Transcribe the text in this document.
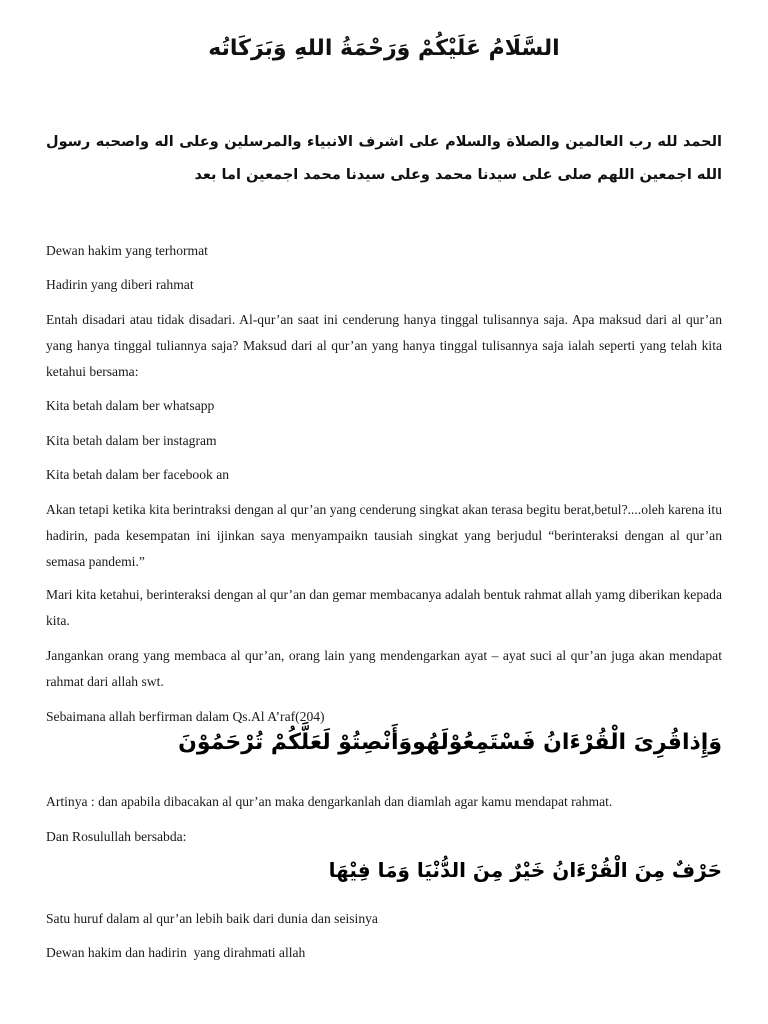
السَّلَامُ عَلَيْكُمْ وَرَحْمَةُ اللهِ وَبَرَكَاتُه
الحمد لله رب العالمين والصلاة والسلام على اشرف الانبياء والمرسلين وعلى اله واصحبه رسول الله اجمعين اللهم صلى على سيدنا محمد وعلى سيدنا محمد اجمعين اما بعد

Dewan hakim yang terhormat

Hadirin yang diberi rahmat

Entah disadari atau tidak disadari. Al-qur’an saat ini cenderung hanya tinggal tulisannya saja. Apa maksud dari al qur’an yang hanya tinggal tuliannya saja? Maksud dari al qur’an yang hanya tinggal tulisannya saja ialah seperti yang telah kita ketahui bersama:

Kita betah dalam ber whatsapp

Kita betah dalam ber instagram

Kita betah dalam ber facebook an

Akan tetapi ketika kita berintraksi dengan al qur’an yang cenderung singkat akan terasa begitu berat,betul?....oleh karena itu hadirin, pada kesempatan ini ijinkan saya menyampaikn tausiah singkat yang berjudul “berinteraksi dengan al qur’an semasa pandemi.”

Mari kita ketahui, berinteraksi dengan al qur’an dan gemar membacanya adalah bentuk rahmat allah yamg diberikan kepada kita.

Jangankan orang yang membaca al qur’an, orang lain yang mendengarkan ayat – ayat suci al qur’an juga akan mendapat rahmat dari allah swt.

Sebaimana allah berfirman dalam Qs.Al A’raf(204)

وَإِذاقُرِىَ الْقُرْءَانُ فَسْتَمِعُوْلَهُووَأَنْصِتُوْ لَعَلَّكُمْ تُرْحَمُوْنَ

Artinya : dan apabila dibacakan al qur’an maka dengarkanlah dan diamlah agar kamu mendapat rahmat.

Dan Rosulullah bersabda:

حَرْفٌ مِنَ الْقُرْءَانُ خَيْرٌ مِنَ الدُّنْيَا وَمَا فِيْهَا

Satu huruf dalam al qur’an lebih baik dari dunia dan seisinya

Dewan hakim dan hadirin  yang dirahmati allah
